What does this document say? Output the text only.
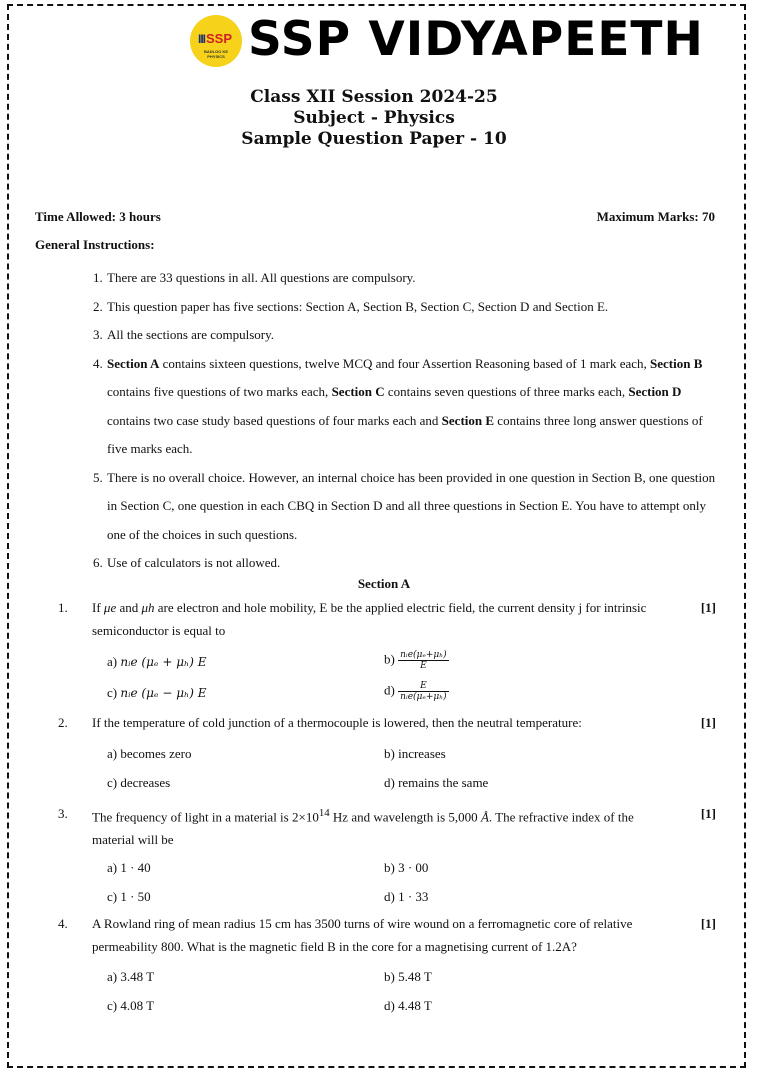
III SSP
BADLOO KE PHYSICS SSP VIDYAPEETH
Class XII Session 2024-25
Subject - Physics
Sample Question Paper - 10
Time Allowed: 3 hours	Maximum Marks: 70
General Instructions:
1. There are 33 questions in all. All questions are compulsory.
2. This question paper has five sections: Section A, Section B, Section C, Section D and Section E.
3. All the sections are compulsory.
4. Section A contains sixteen questions, twelve MCQ and four Assertion Reasoning based of 1 mark each, Section B contains five questions of two marks each, Section C contains seven questions of three marks each, Section D contains two case study based questions of four marks each and Section E contains three long answer questions of five marks each.
5. There is no overall choice. However, an internal choice has been provided in one question in Section B, one question in Section C, one question in each CBQ in Section D and all three questions in Section E. You have to attempt only one of the choices in such questions.
6. Use of calculators is not allowed.
Section A
1. If μe and μh are electron and hole mobility, E be the applied electric field, the current density j for intrinsic semiconductor is equal to
[1]
a) nᵢe (μₑ + μₕ) E	$b) \frac{\text{nᵢe(μₑ+μₕ)}}{E}$
c) nᵢe (μₑ − μₕ) E	$d) \frac{E}{\text{nᵢe(μₑ+μₕ)}}$
2. If the temperature of cold junction of a thermocouple is lowered, then the neutral temperature:	[1]
a) becomes zero	b) increases
c) decreases	d) remains the same
3. The frequency of light in a material is $2\times 10^{14}$ Hz and wavelength is 5,000 Å. The refractive index of the material will be
[1]
a) 1 · 40	b) 3 · 00
c) 1 · 50	d) 1 · 33
4. A Rowland ring of mean radius 15 cm has 3500 turns of wire wound on a ferromagnetic core of relative permeability 800. What is the magnetic field B in the core for a magnetising current of 1.2A?
[1]
a) 3.48 T	b) 5.48 T
c) 4.08 T	d) 4.48 T
